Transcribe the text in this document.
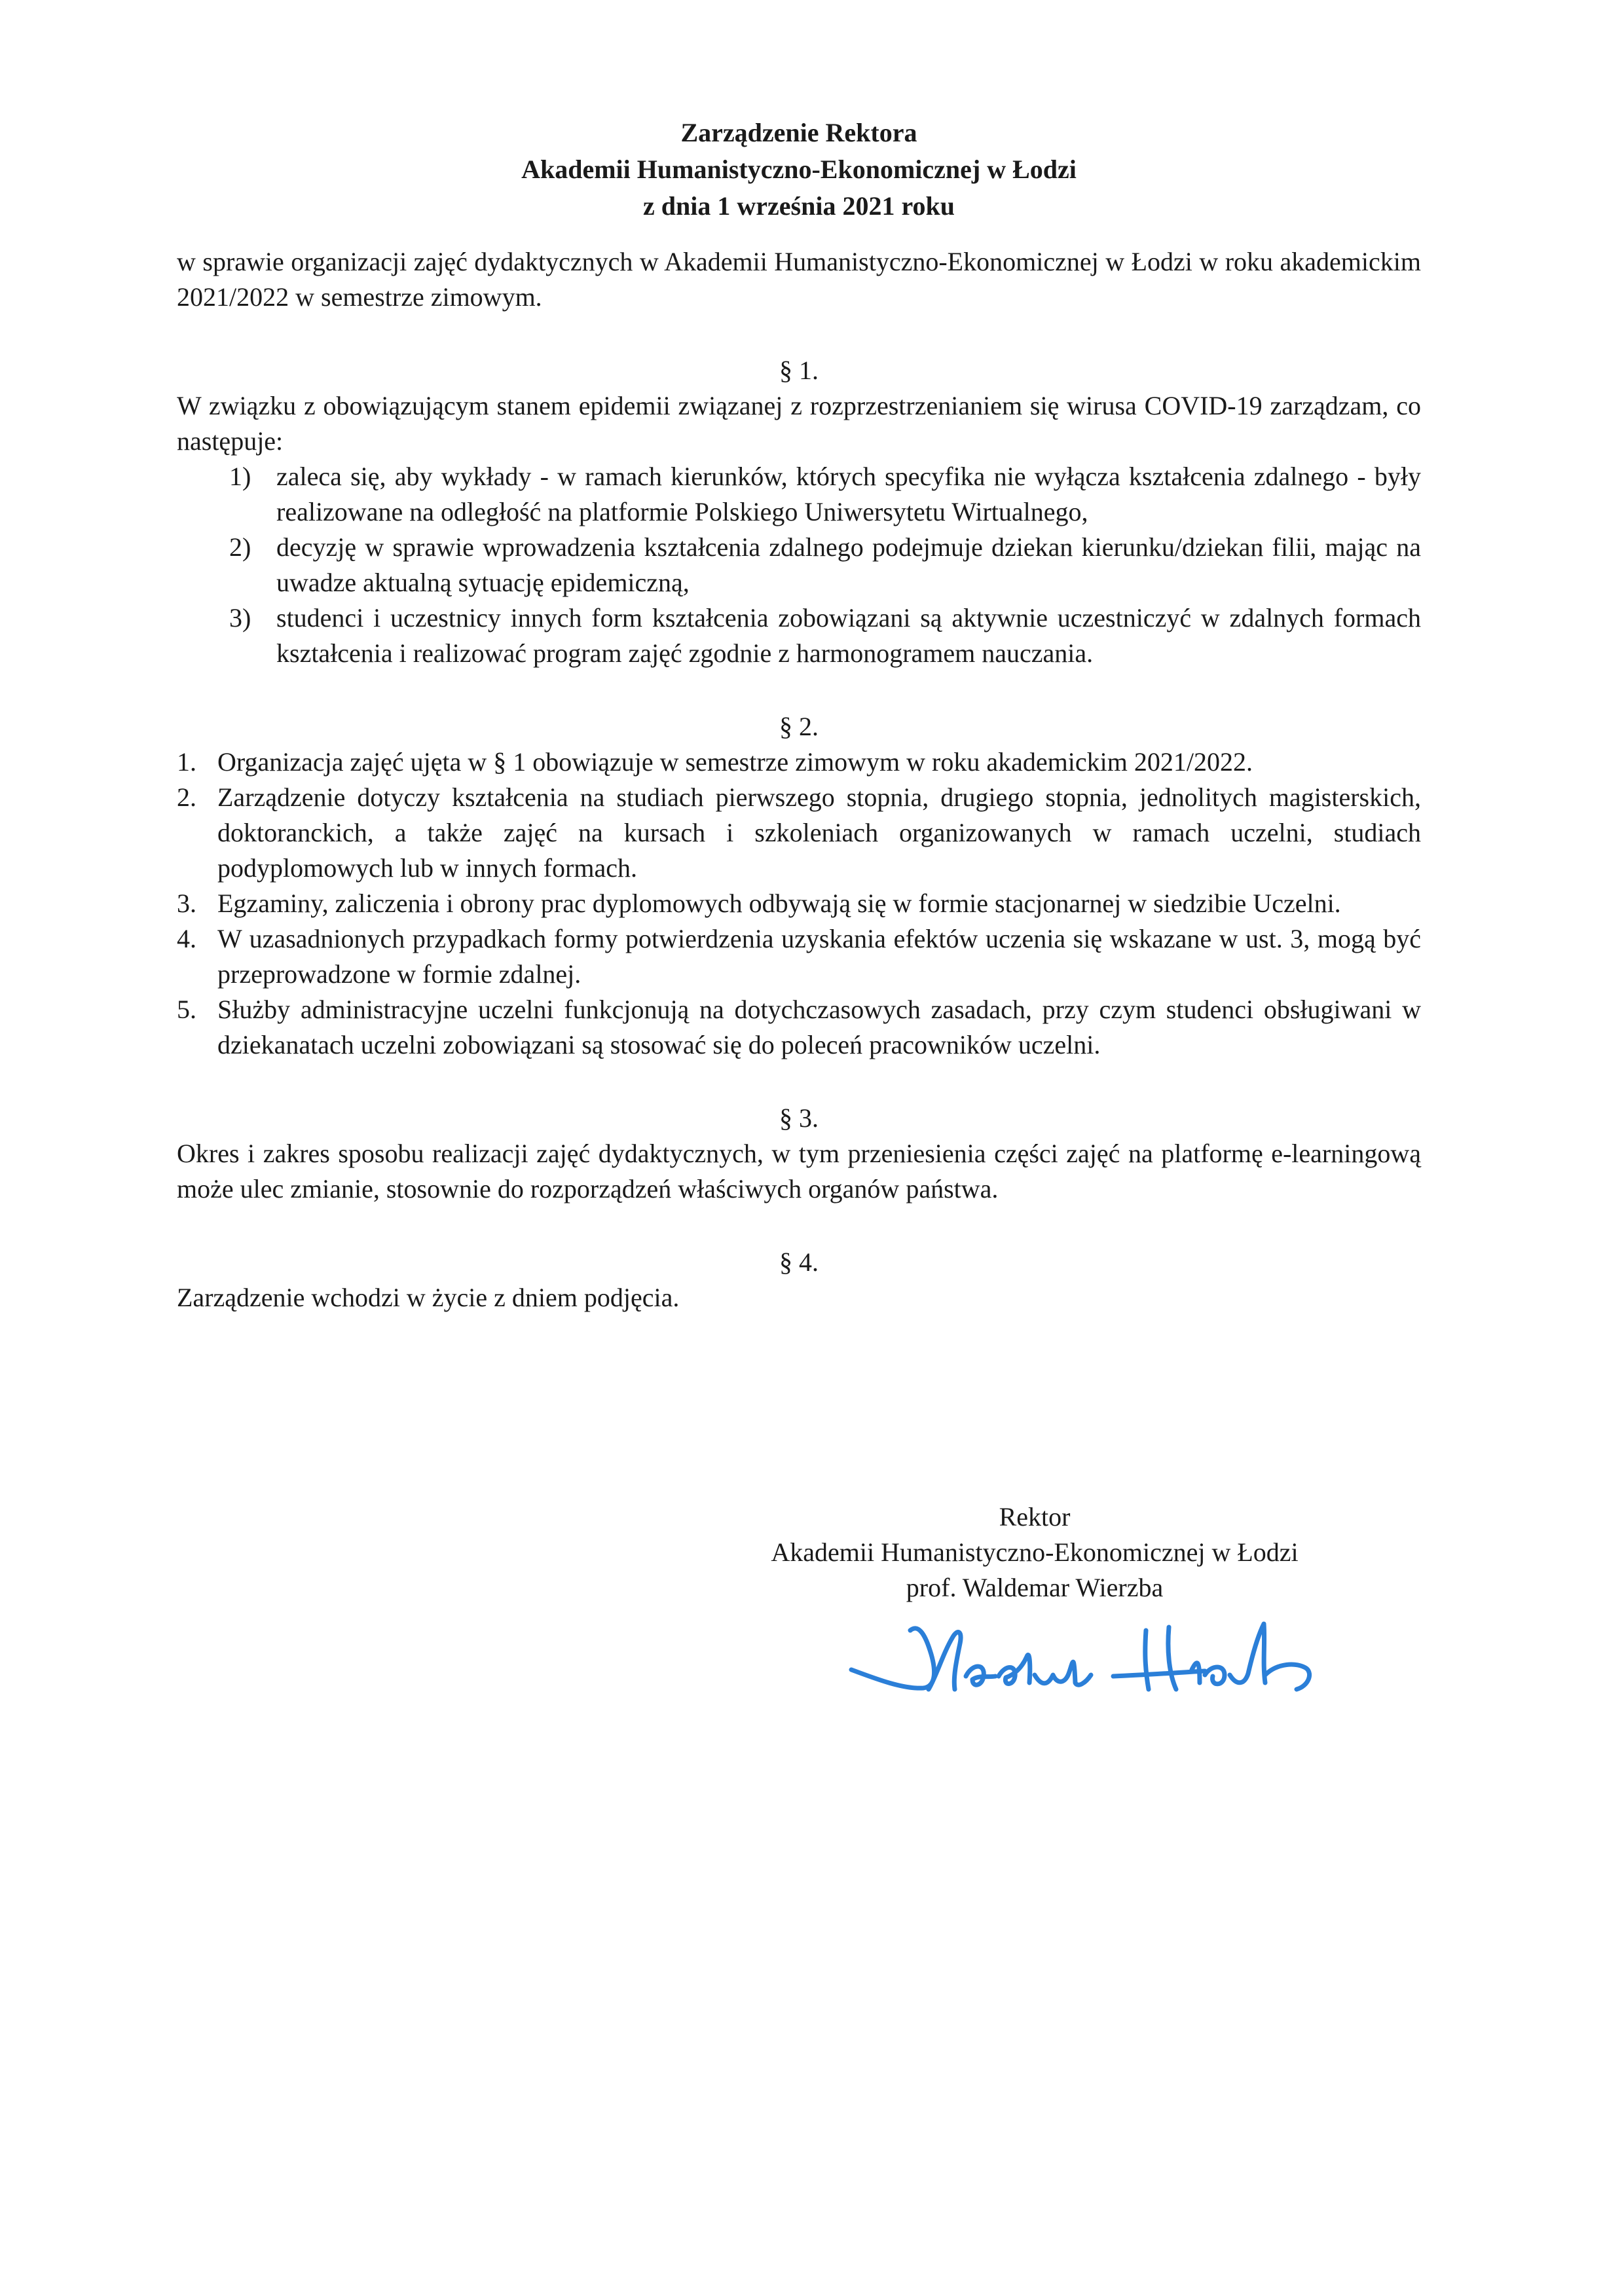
Zarządzenie Rektora
Akademii Humanistyczno-Ekonomicznej w Łodzi
z dnia 1 września 2021 roku

w sprawie organizacji zajęć dydaktycznych w Akademii Humanistyczno-Ekonomicznej w Łodzi w roku akademickim 2021/2022 w semestrze zimowym.

§ 1.

W związku z obowiązującym stanem epidemii związanej z rozprzestrzenianiem się wirusa COVID-19 zarządzam, co następuje:

1) zaleca się, aby wykłady - w ramach kierunków, których specyfika nie wyłącza kształcenia zdalnego - były realizowane na odległość na platformie Polskiego Uniwersytetu Wirtualnego,
2) decyzję w sprawie wprowadzenia kształcenia zdalnego podejmuje dziekan kierunku/dziekan filii, mając na uwadze aktualną sytuację epidemiczną,
3) studenci i uczestnicy innych form kształcenia zobowiązani są aktywnie uczestniczyć w zdalnych formach kształcenia i realizować program zajęć zgodnie z harmonogramem nauczania.

§ 2.

1. Organizacja zajęć ujęta w § 1 obowiązuje w semestrze zimowym w roku akademickim 2021/2022.
2. Zarządzenie dotyczy kształcenia na studiach pierwszego stopnia, drugiego stopnia, jednolitych magisterskich, doktoranckich, a także zajęć na kursach i szkoleniach organizowanych w ramach uczelni, studiach podyplomowych lub w innych formach.
3. Egzaminy, zaliczenia i obrony prac dyplomowych odbywają się w formie stacjonarnej w siedzibie Uczelni.
4. W uzasadnionych przypadkach formy potwierdzenia uzyskania efektów uczenia się wskazane w ust. 3, mogą być przeprowadzone w formie zdalnej.
5. Służby administracyjne uczelni funkcjonują na dotychczasowych zasadach, przy czym studenci obsługiwani w dziekanatach uczelni zobowiązani są stosować się do poleceń pracowników uczelni.

§ 3.

Okres i zakres sposobu realizacji zajęć dydaktycznych, w tym przeniesienia części zajęć na platformę e-learningową może ulec zmianie, stosownie do rozporządzeń właściwych organów państwa.

§ 4.

Zarządzenie wchodzi w życie z dniem podjęcia.

Rektor
Akademii Humanistyczno-Ekonomicznej w Łodzi
prof. Waldemar Wierzba
